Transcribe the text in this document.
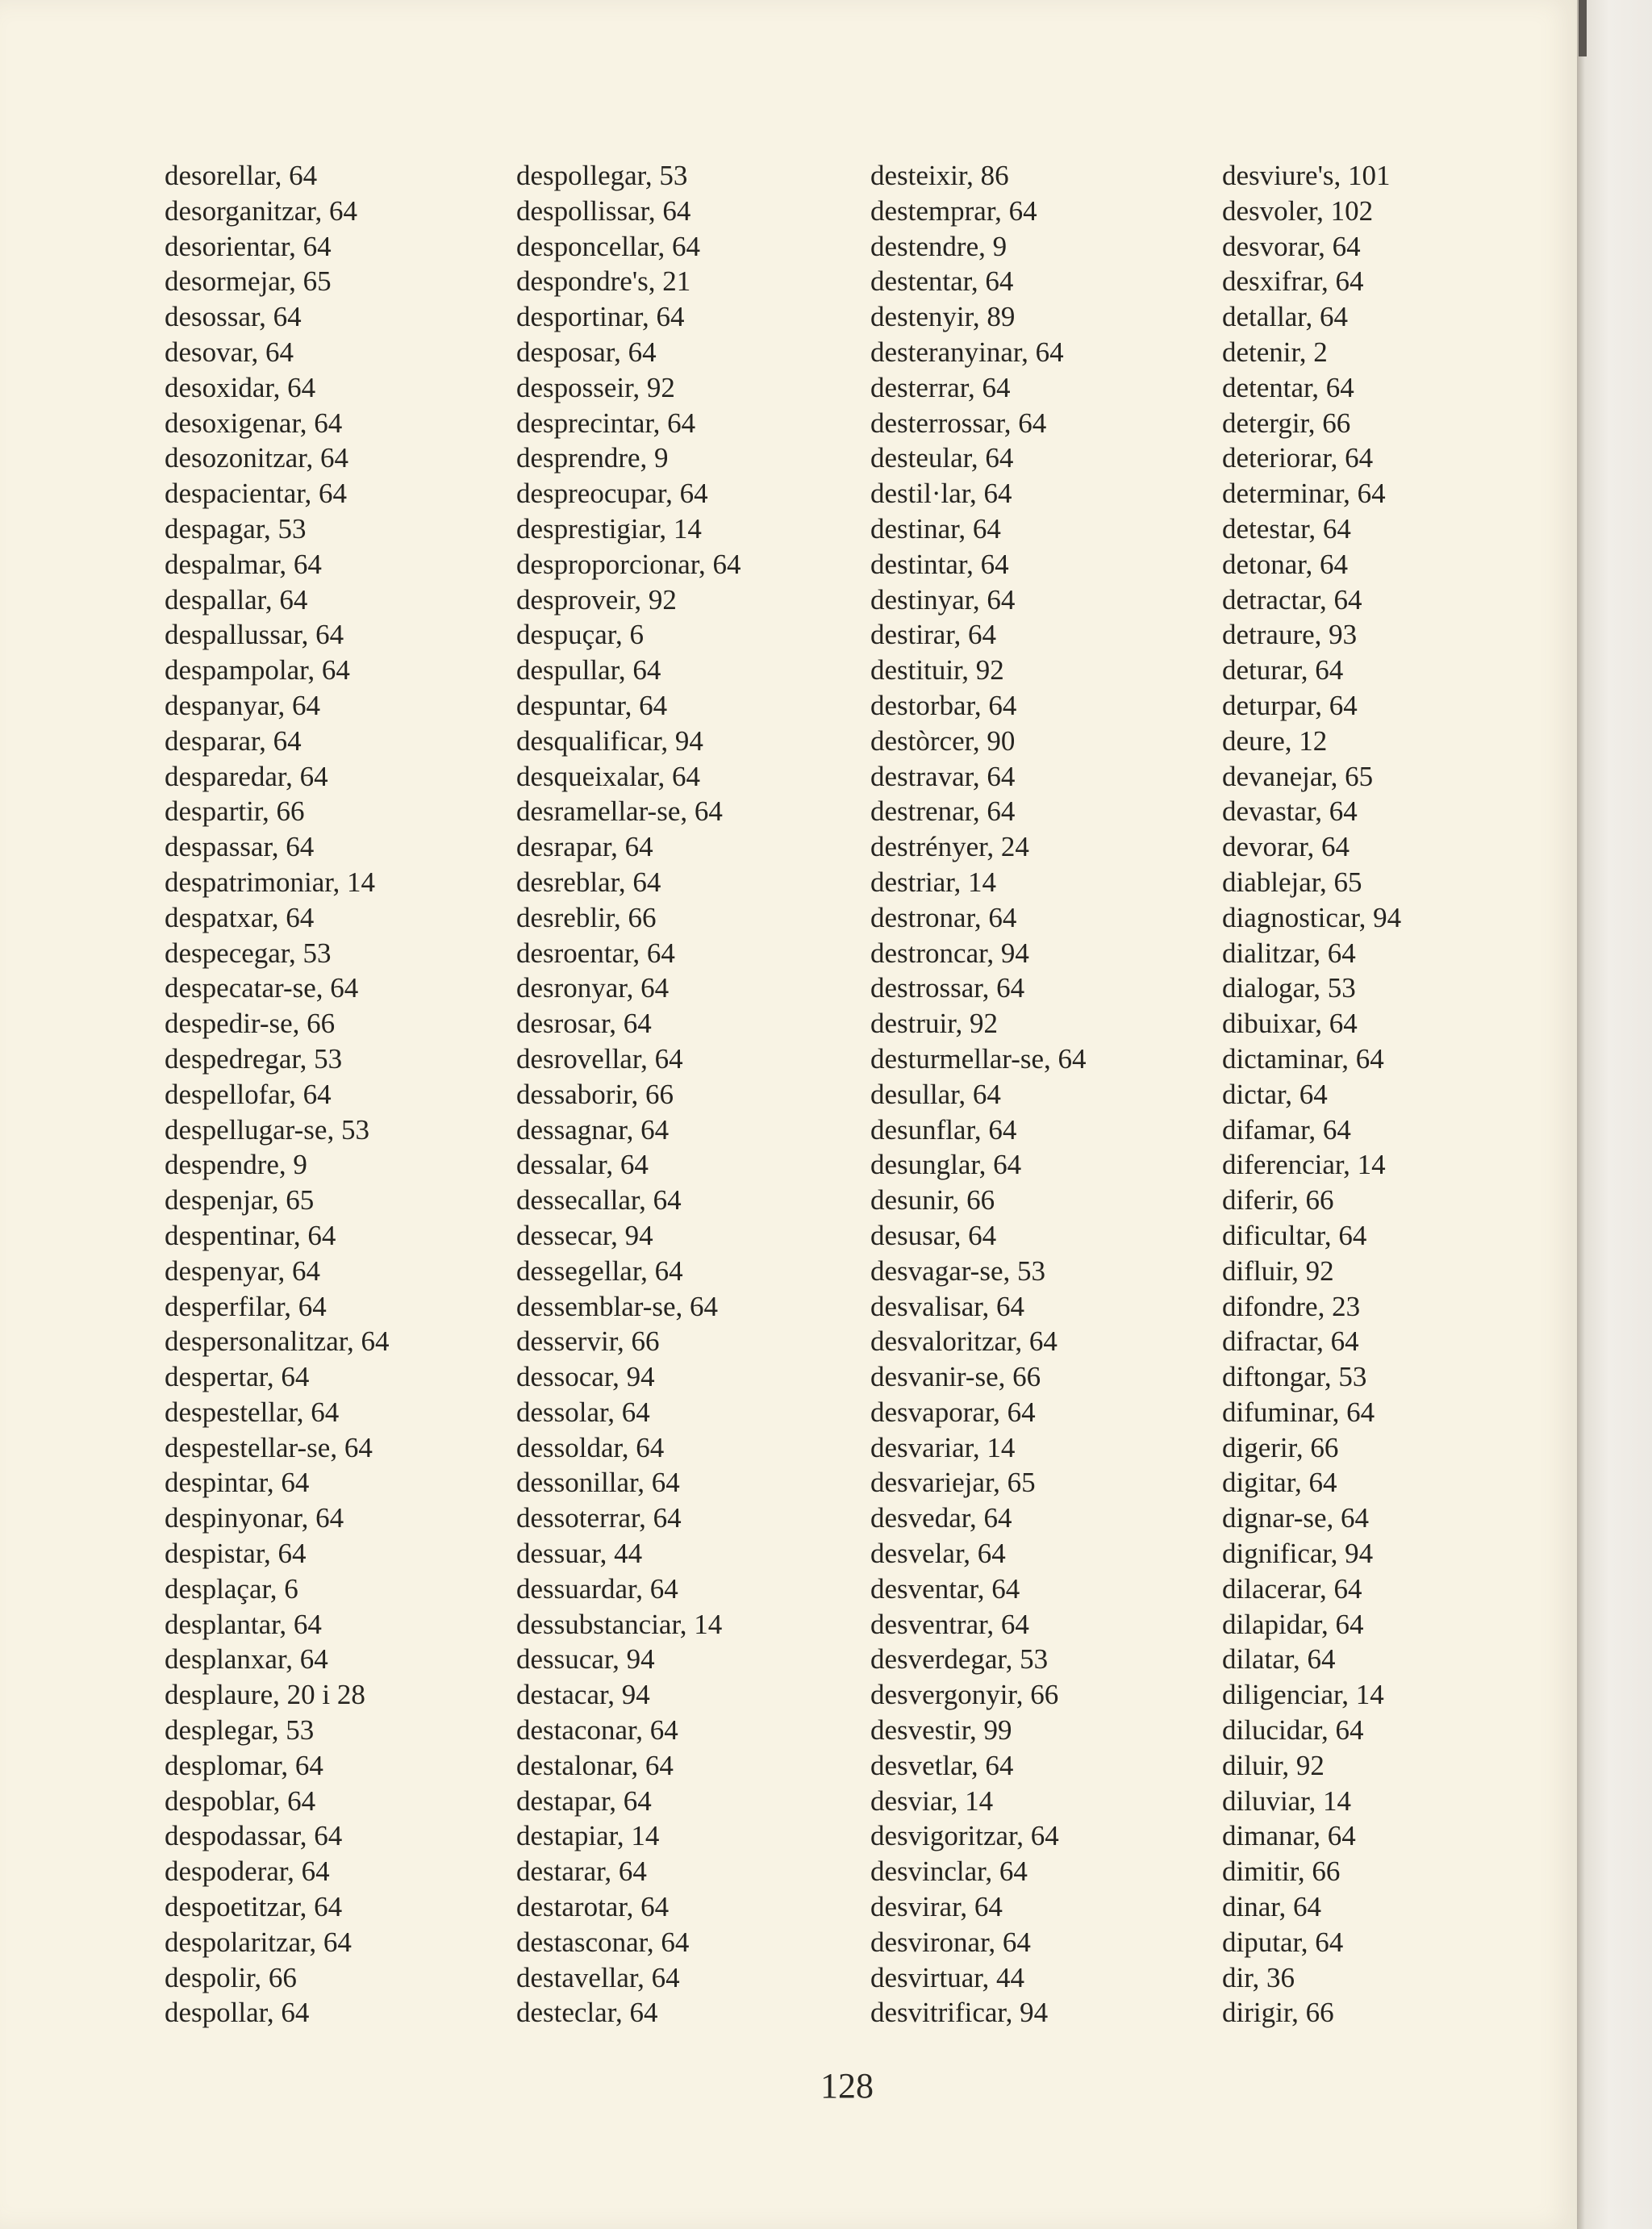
desorellar, 64
desorganitzar, 64
desorientar, 64
desormejar, 65
desossar, 64
desovar, 64
desoxidar, 64
desoxigenar, 64
desozonitzar, 64
despacientar, 64
despagar, 53
despalmar, 64
despallar, 64
despallussar, 64
despampolar, 64
despanyar, 64
desparar, 64
desparedar, 64
despartir, 66
despassar, 64
despatrimoniar, 14
despatxar, 64
despecegar, 53
despecatar-se, 64
despedir-se, 66
despedregar, 53
despellofar, 64
despellugar-se, 53
despendre, 9
despenjar, 65
despentinar, 64
despenyar, 64
desperfilar, 64
despersonalitzar, 64
despertar, 64
despestellar, 64
despestellar-se, 64
despintar, 64
despinyonar, 64
despistar, 64
desplaçar, 6
desplantar, 64
desplanxar, 64
desplaure, 20 i 28
desplegar, 53
desplomar, 64
despoblar, 64
despodassar, 64
despoderar, 64
despoetitzar, 64
despolaritzar, 64
despolir, 66
despollar, 64
despollegar, 53
despollissar, 64
desponcellar, 64
despondre's, 21
desportinar, 64
desposar, 64
desposseir, 92
desprecintar, 64
desprendre, 9
despreocupar, 64
desprestigiar, 14
desproporcionar, 64
desproveir, 92
despuçar, 6
despullar, 64
despuntar, 64
desqualificar, 94
desqueixalar, 64
desramellar-se, 64
desrapar, 64
desreblar, 64
desreblir, 66
desroentar, 64
desronyar, 64
desrosar, 64
desrovellar, 64
dessaborir, 66
dessagnar, 64
dessalar, 64
dessecallar, 64
dessecar, 94
dessegellar, 64
dessemblar-se, 64
desservir, 66
dessocar, 94
dessolar, 64
dessoldar, 64
dessonillar, 64
dessoterrar, 64
dessuar, 44
dessuardar, 64
dessubstanciar, 14
dessucar, 94
destacar, 94
destaconar, 64
destalonar, 64
destapar, 64
destapiar, 14
destarar, 64
destarotar, 64
destasconar, 64
destavellar, 64
desteclar, 64
desteixir, 86
destemprar, 64
destendre, 9
destentar, 64
destenyir, 89
desteranyinar, 64
desterrar, 64
desterrossar, 64
desteular, 64
destil·lar, 64
destinar, 64
destintar, 64
destinyar, 64
destirar, 64
destituir, 92
destorbar, 64
destòrcer, 90
destravar, 64
destrenar, 64
destrényer, 24
destriar, 14
destronar, 64
destroncar, 94
destrossar, 64
destruir, 92
desturmellar-se, 64
desullar, 64
desunflar, 64
desunglar, 64
desunir, 66
desusar, 64
desvagar-se, 53
desvalisar, 64
desvaloritzar, 64
desvanir-se, 66
desvaporar, 64
desvariar, 14
desvariejar, 65
desvedar, 64
desvelar, 64
desventar, 64
desventrar, 64
desverdegar, 53
desvergonyir, 66
desvestir, 99
desvetlar, 64
desviar, 14
desvigoritzar, 64
desvinclar, 64
desvirar, 64
desvironar, 64
desvirtuar, 44
desvitrificar, 94
desviure's, 101
desvoler, 102
desvorar, 64
desxifrar, 64
detallar, 64
detenir, 2
detentar, 64
detergir, 66
deteriorar, 64
determinar, 64
detestar, 64
detonar, 64
detractar, 64
detraure, 93
deturar, 64
deturpar, 64
deure, 12
devanejar, 65
devastar, 64
devorar, 64
diablejar, 65
diagnosticar, 94
dialitzar, 64
dialogar, 53
dibuixar, 64
dictaminar, 64
dictar, 64
difamar, 64
diferenciar, 14
diferir, 66
dificultar, 64
difluir, 92
difondre, 23
difractar, 64
diftongar, 53
difuminar, 64
digerir, 66
digitar, 64
dignar-se, 64
dignificar, 94
dilacerar, 64
dilapidar, 64
dilatar, 64
diligenciar, 14
dilucidar, 64
diluir, 92
diluviar, 14
dimanar, 64
dimitir, 66
dinar, 64
diputar, 64
dir, 36
dirigir, 66
128
